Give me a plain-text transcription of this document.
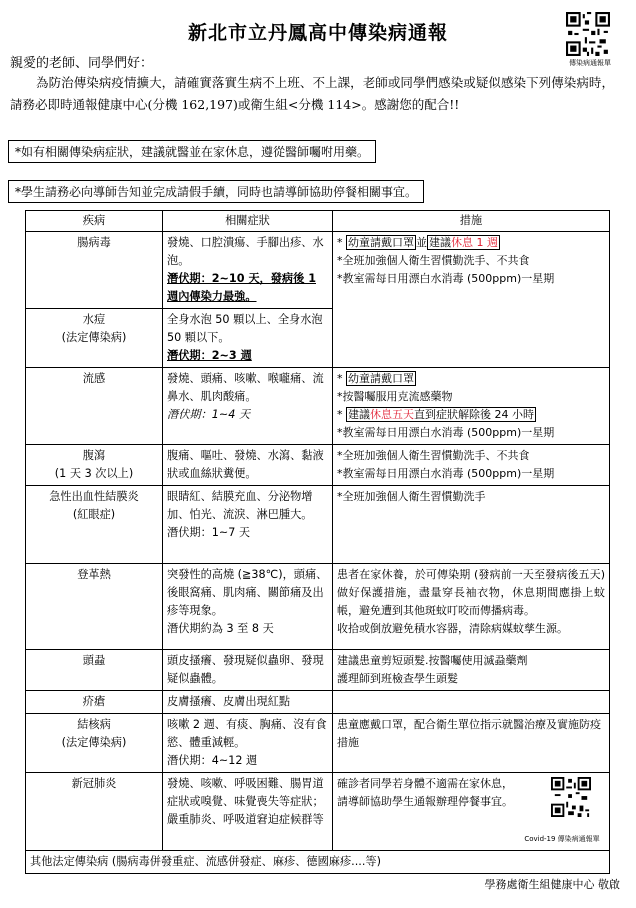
新北市立丹鳳高中傳染病通報
傳染病通報單
親愛的老師、同學們好：
為防治傳染病疫情擴大，請確實落實生病不上班、不上課，老師或同學們感染或疑似感染下列傳染病時，請務必即時通報健康中心(分機 162,197)或衛生組<分機 114>。感謝您的配合!!
*如有相關傳染病症狀，建議就醫並在家休息，遵從醫師囑咐用藥。
*學生請務必向導師告知並完成請假手續，同時也請導師協助停餐相關事宜。
疾病	相關症狀	措施
腸病毒	發燒、口腔潰瘍、手腳出疹、水泡。
潛伏期：2~10 天，發病後 1 週內傳染力最強。	* 幼童請戴口罩 並 建議休息 1 週
*全班加強個人衛生習慣勤洗手、不共食
*教室需每日用漂白水消毒 (500ppm)一星期

水痘
(法定傳染病)	全身水泡 50 顆以上、全身水泡 50 顆以下。
潛伏期：2~3 週	

流感	發燒、頭痛、咳嗽、喉嚨痛、流鼻水、肌肉酸痛。
潛伏期：1~4 天	* 幼童請戴口罩
*按醫囑服用克流感藥物
* 建議休息五天直到症狀解除後 24 小時
*教室需每日用漂白水消毒 (500ppm)一星期

腹瀉
(1 天 3 次以上)	腹痛、嘔吐、發燒、水瀉、黏液狀或血絲狀糞便。	*全班加強個人衛生習慣勤洗手、不共食
*教室需每日用漂白水消毒 (500ppm)一星期

急性出血性結膜炎
(紅眼症)	眼睛紅、結膜充血、分泌物增加、怕光、流淚、淋巴腫大。
潛伏期：1~7 天	*全班加強個人衛生習慣勤洗手

登革熱	突發性的高燒 (≧38℃)，頭痛、後眼窩痛、肌肉痛、關節痛及出疹等現象。
潛伏期約為 3 至 8 天	患者在家休養，於可傳染期 (發病前一天至發病後五天) 做好保護措施，盡量穿長袖衣物，休息期間應掛上蚊帳，避免遭到其他斑蚊叮咬而傳播病毒。
收拾或倒放避免積水容器，清除病媒蚊孳生源。

頭蝨	頭皮搔癢、發現疑似蟲卵、發現疑似蟲體。	建議患童剪短頭髮.按醫囑使用滅蝨藥劑
護理師到班檢查學生頭髮

疥瘡	皮膚搔癢、皮膚出現紅點	

結核病
(法定傳染病)	咳嗽 2 週、有痰、胸痛、沒有食慾、體重減輕。
潛伏期：4~12 週	患童應戴口罩，配合衛生單位指示就醫治療及實施防疫措施

新冠肺炎	發燒、咳嗽、呼吸困難、腸胃道症狀或嗅覺、味覺喪失等症狀；嚴重肺炎、呼吸道窘迫症候群等	確診者同學若身體不適需在家休息，
請導師協助學生通報辦理停餐事宜。
Covid-19 傳染病通報單

其他法定傳染病 (腸病毒併發重症、流感併發症、麻疹、德國麻疹....等)		
學務處衛生組健康中心 敬啟
